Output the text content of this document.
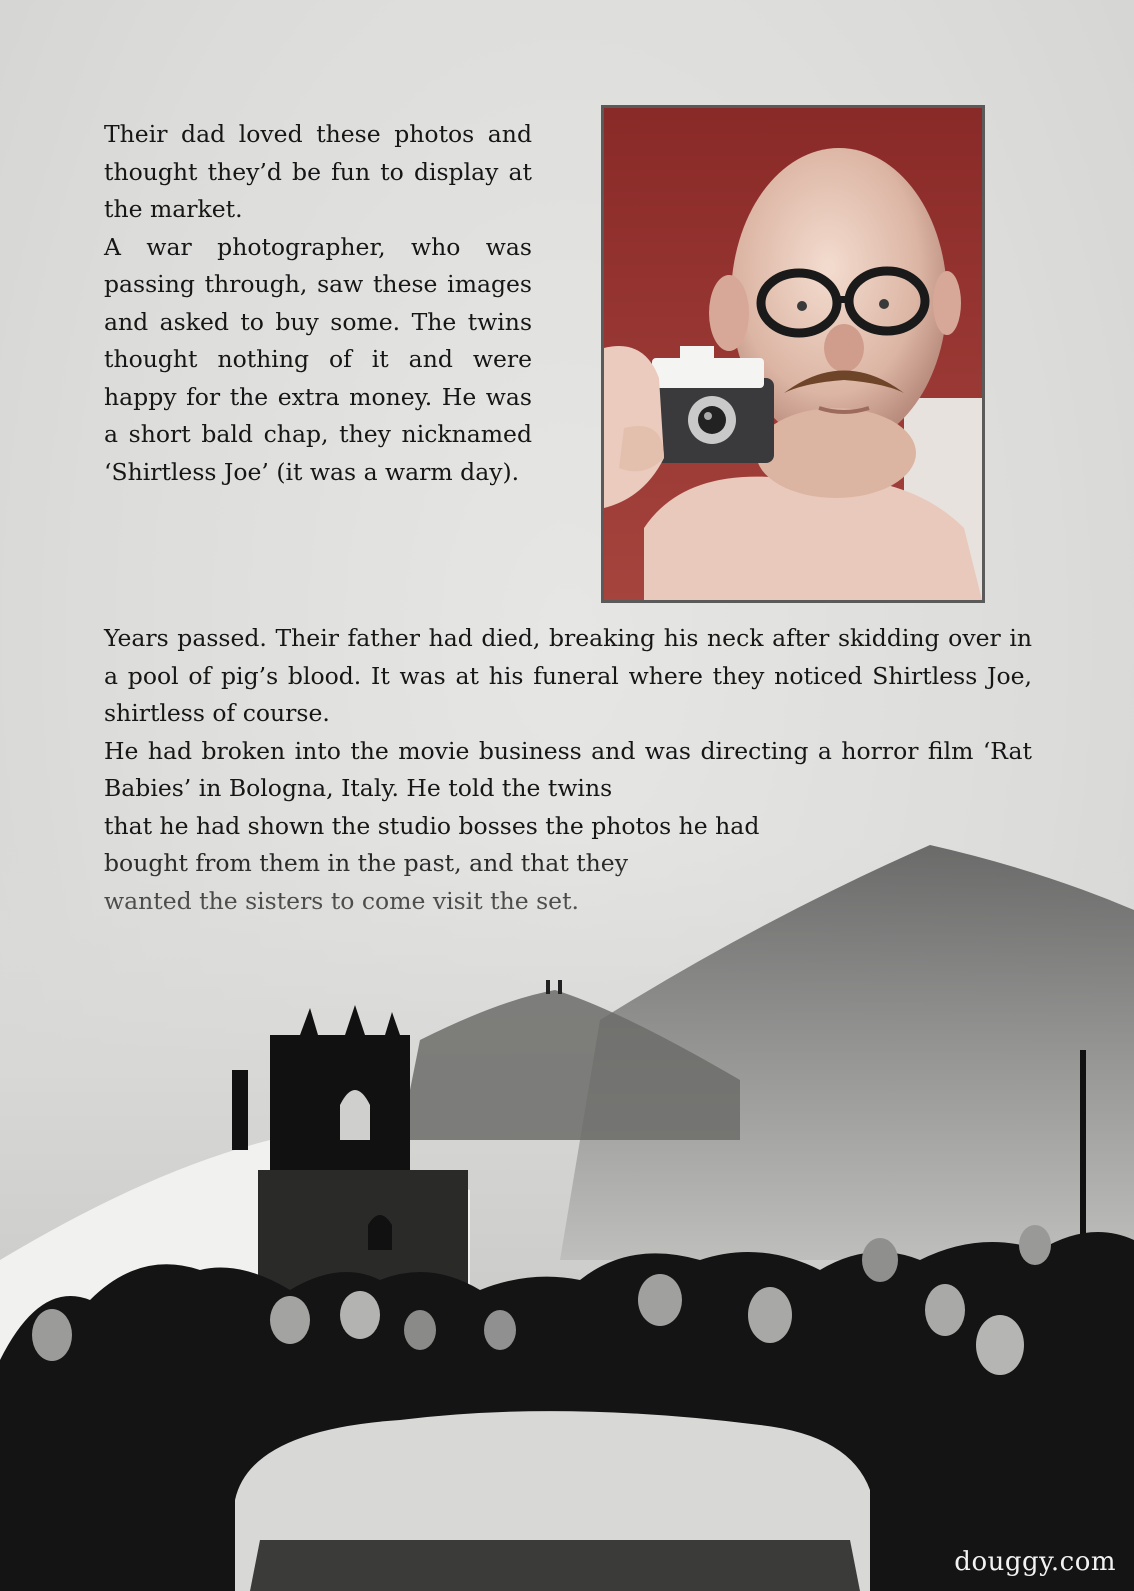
Their dad loved these photos and thought they’d be fun to display at the market.

A war photographer, who was passing through, saw these images and asked to buy some. The twins thought nothing of it and were happy for the extra money. He was a short bald chap, they nicknamed ‘Shirtless Joe’ (it was a warm day).

Years passed. Their father had died, breaking his neck after skidding over in a pool of pig’s blood. It was at his funeral where they noticed Shirtless Joe, shirtless of course.

He had broken into the movie business and was directing a horror film ‘Rat Babies’ in Bologna, Italy. He told the twins

that he had shown the studio bosses the photos he had

douggy.com
